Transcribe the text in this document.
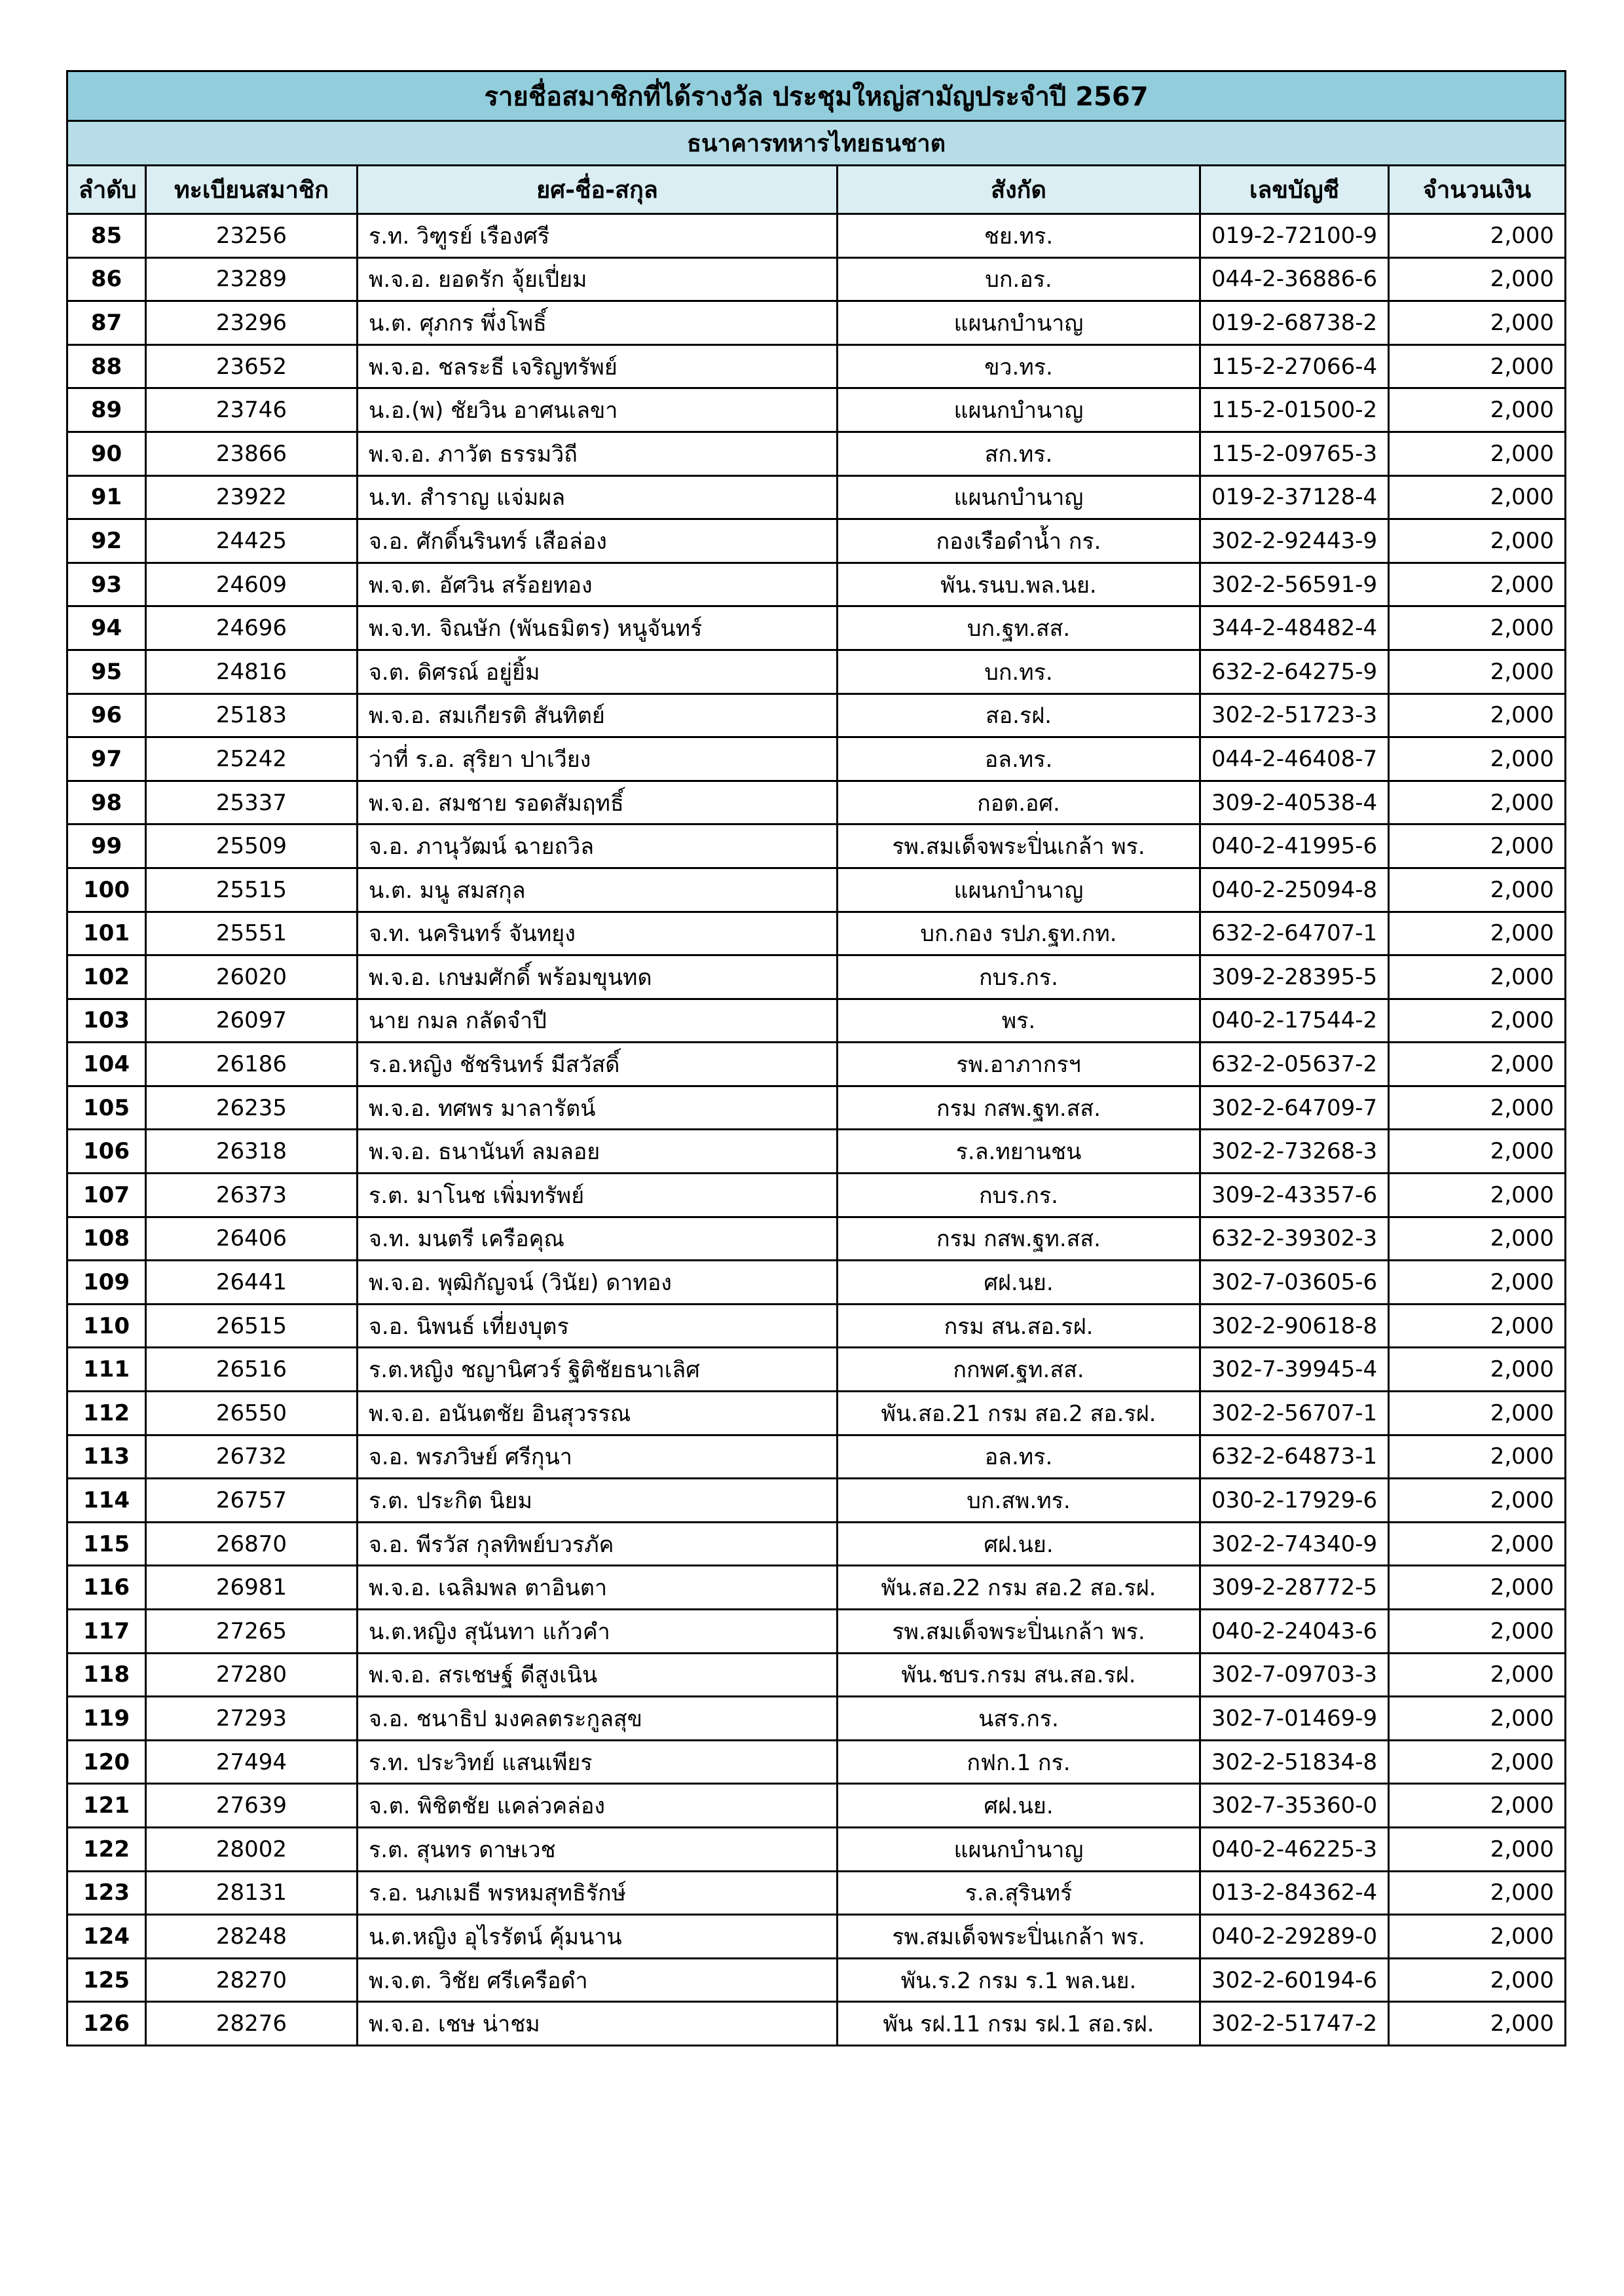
รายชื่อสมาชิกที่ได้รางวัล ประชุมใหญ่สามัญประจำปี 2567					
ธนาคารทหารไทยธนชาต					
ลำดับ	ทะเบียนสมาชิก	ยศ-ชื่อ-สกุล	สังกัด	เลขบัญชี	จำนวนเงิน
85	23256	ร.ท. วิฑูรย์ เรืองศรี	ชย.ทร.	019-2-72100-9	2,000
86	23289	พ.จ.อ. ยอดรัก จุ้ยเปี่ยม	บก.อร.	044-2-36886-6	2,000
87	23296	น.ต. ศุภกร พึ่งโพธิ์	แผนกบำนาญ	019-2-68738-2	2,000
88	23652	พ.จ.อ. ชลระธี เจริญทรัพย์	ขว.ทร.	115-2-27066-4	2,000
89	23746	น.อ.(พ) ชัยวิน อาศนเลขา	แผนกบำนาญ	115-2-01500-2	2,000
90	23866	พ.จ.อ. ภาวัต ธรรมวิถี	สก.ทร.	115-2-09765-3	2,000
91	23922	น.ท. สำราญ แจ่มผล	แผนกบำนาญ	019-2-37128-4	2,000
92	24425	จ.อ. ศักดิ์นรินทร์ เสือล่อง	กองเรือดำน้ำ กร.	302-2-92443-9	2,000
93	24609	พ.จ.ต. อัศวิน สร้อยทอง	พัน.รนบ.พล.นย.	302-2-56591-9	2,000
94	24696	พ.จ.ท. จิณษัก (พันธมิตร) หนูจันทร์	บก.ฐท.สส.	344-2-48482-4	2,000
95	24816	จ.ต. ดิศรณ์ อยู่ยิ้ม	บก.ทร.	632-2-64275-9	2,000
96	25183	พ.จ.อ. สมเกียรติ สันทิตย์	สอ.รฝ.	302-2-51723-3	2,000
97	25242	ว่าที่ ร.อ. สุริยา ปาเวียง	อล.ทร.	044-2-46408-7	2,000
98	25337	พ.จ.อ. สมชาย รอดสัมฤทธิ์	กอต.อศ.	309-2-40538-4	2,000
99	25509	จ.อ. ภานุวัฒน์ ฉายถวิล	รพ.สมเด็จพระปิ่นเกล้า พร.	040-2-41995-6	2,000
100	25515	น.ต. มนู สมสกุล	แผนกบำนาญ	040-2-25094-8	2,000
101	25551	จ.ท. นครินทร์ จันทยุง	บก.กอง รปภ.ฐท.กท.	632-2-64707-1	2,000
102	26020	พ.จ.อ. เกษมศักดิ์ พร้อมขุนทด	กบร.กร.	309-2-28395-5	2,000
103	26097	นาย กมล กลัดจำปี	พร.	040-2-17544-2	2,000
104	26186	ร.อ.หญิง ชัชรินทร์ มีสวัสดิ์	รพ.อาภากรฯ	632-2-05637-2	2,000
105	26235	พ.จ.อ. ทศพร มาลารัตน์	กรม กสพ.ฐท.สส.	302-2-64709-7	2,000
106	26318	พ.จ.อ. ธนานันท์ ลมลอย	ร.ล.ทยานชน	302-2-73268-3	2,000
107	26373	ร.ต. มาโนช เพิ่มทรัพย์	กบร.กร.	309-2-43357-6	2,000
108	26406	จ.ท. มนตรี เครือคุณ	กรม กสพ.ฐท.สส.	632-2-39302-3	2,000
109	26441	พ.จ.อ. พุฒิกัญจน์ (วินัย) ดาทอง	ศฝ.นย.	302-7-03605-6	2,000
110	26515	จ.อ. นิพนธ์ เที่ยงบุตร	กรม สน.สอ.รฝ.	302-2-90618-8	2,000
111	26516	ร.ต.หญิง ชญานิศวร์ ฐิติชัยธนาเลิศ	กกพศ.ฐท.สส.	302-7-39945-4	2,000
112	26550	พ.จ.อ. อนันตชัย อินสุวรรณ	พัน.สอ.21 กรม สอ.2 สอ.รฝ.	302-2-56707-1	2,000
113	26732	จ.อ. พรภวิษย์ ศรีกุนา	อล.ทร.	632-2-64873-1	2,000
114	26757	ร.ต. ประกิต นิยม	บก.สพ.ทร.	030-2-17929-6	2,000
115	26870	จ.อ. พีรวัส กุลทิพย์บวรภัค	ศฝ.นย.	302-2-74340-9	2,000
116	26981	พ.จ.อ. เฉลิมพล ตาอินตา	พัน.สอ.22 กรม สอ.2 สอ.รฝ.	309-2-28772-5	2,000
117	27265	น.ต.หญิง สุนันทา แก้วคำ	รพ.สมเด็จพระปิ่นเกล้า พร.	040-2-24043-6	2,000
118	27280	พ.จ.อ. สรเชษฐ์ ดีสูงเนิน	พัน.ชบร.กรม สน.สอ.รฝ.	302-7-09703-3	2,000
119	27293	จ.อ. ชนาธิป มงคลตระกูลสุข	นสร.กร.	302-7-01469-9	2,000
120	27494	ร.ท. ประวิทย์ แสนเพียร	กฟก.1 กร.	302-2-51834-8	2,000
121	27639	จ.ต. พิชิตชัย แคล่วคล่อง	ศฝ.นย.	302-7-35360-0	2,000
122	28002	ร.ต. สุนทร ดาษเวช	แผนกบำนาญ	040-2-46225-3	2,000
123	28131	ร.อ. นภเมธี พรหมสุทธิรักษ์	ร.ล.สุรินทร์	013-2-84362-4	2,000
124	28248	น.ต.หญิง อุไรรัตน์ คุ้มนาน	รพ.สมเด็จพระปิ่นเกล้า พร.	040-2-29289-0	2,000
125	28270	พ.จ.ต. วิชัย ศรีเครือดำ	พัน.ร.2 กรม ร.1 พล.นย.	302-2-60194-6	2,000
126	28276	พ.จ.อ. เชษ น่าชม	พัน รฝ.11 กรม รฝ.1 สอ.รฝ.	302-2-51747-2	2,000
